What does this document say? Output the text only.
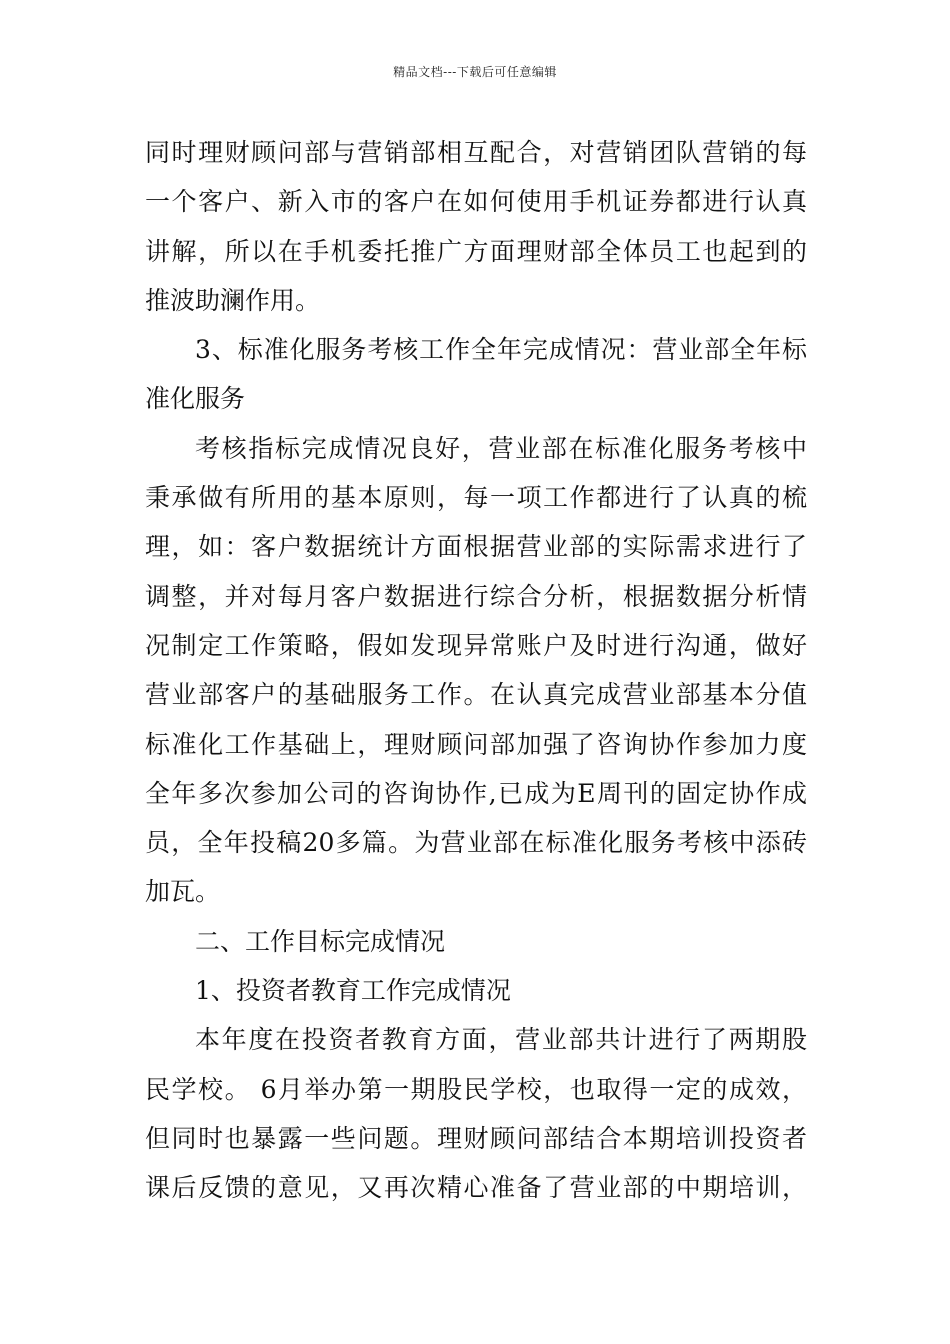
精品文档---下载后可任意编辑
同时理财顾问部与营销部相互配合，对营销团队营销的每
一个客户、新入市的客户在如何使用手机证券都进行认真
讲解，所以在手机委托推广方面理财部全体员工也起到的
推波助澜作用。
3、标准化服务考核工作全年完成情况：营业部全年标
准化服务
考核指标完成情况良好，营业部在标准化服务考核中
秉承做有所用的基本原则，每一项工作都进行了认真的梳
理，如：客户数据统计方面根据营业部的实际需求进行了
调整，并对每月客户数据进行综合分析，根据数据分析情
况制定工作策略，假如发现异常账户及时进行沟通，做好
营业部客户的基础服务工作。在认真完成营业部基本分值
标准化工作基础上，理财顾问部加强了咨询协作参加力度
全年多次参加公司的咨询协作,已成为E周刊的固定协作成
员，全年投稿20多篇。为营业部在标准化服务考核中添砖
加瓦。
二、工作目标完成情况
1、投资者教育工作完成情况
本年度在投资者教育方面，营业部共计进行了两期股
民学校。 6月举办第一期股民学校，也取得一定的成效，
但同时也暴露一些问题。理财顾问部结合本期培训投资者
课后反馈的意见，又再次精心准备了营业部的中期培训，
